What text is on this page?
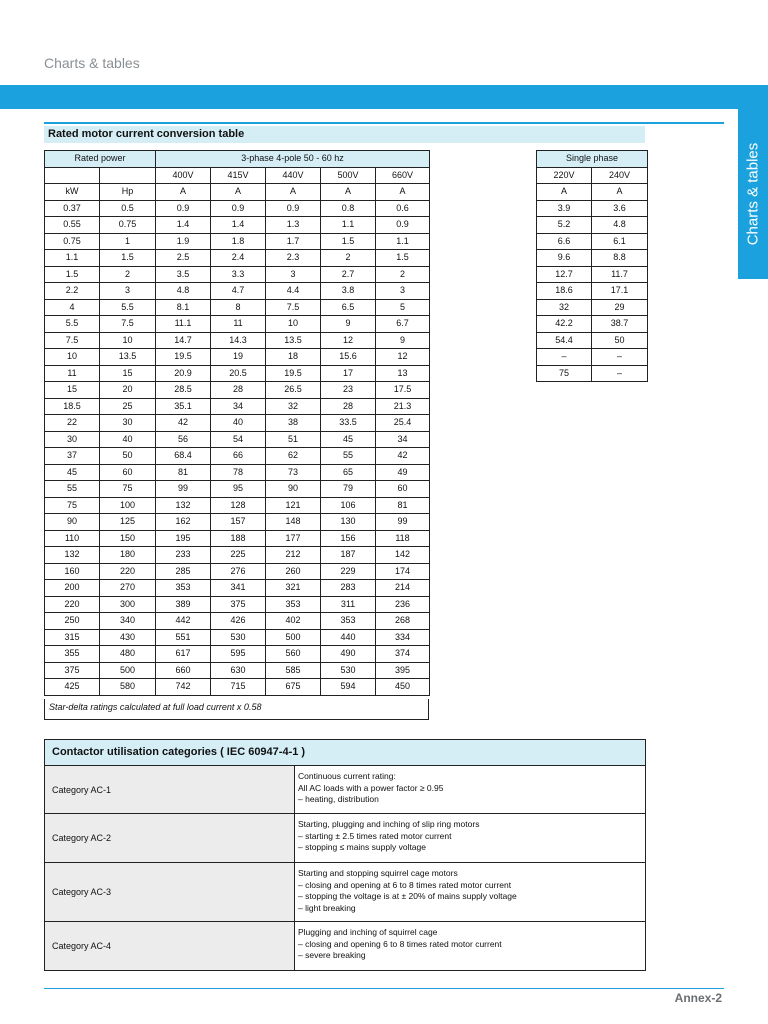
Charts & tables
Charts & tables
Rated motor current conversion table
Rated power		3-phase 4-pole 50 - 60 hz				
		400V	415V	440V	500V	660V
kW	Hp	A	A	A	A	A
0.37	0.5	0.9	0.9	0.9	0.8	0.6
0.55	0.75	1.4	1.4	1.3	1.1	0.9
0.75	1	1.9	1.8	1.7	1.5	1.1
1.1	1.5	2.5	2.4	2.3	2	1.5
1.5	2	3.5	3.3	3	2.7	2
2.2	3	4.8	4.7	4.4	3.8	3
4	5.5	8.1	8	7.5	6.5	5
5.5	7.5	11.1	11	10	9	6.7
7.5	10	14.7	14.3	13.5	12	9
10	13.5	19.5	19	18	15.6	12
11	15	20.9	20.5	19.5	17	13
15	20	28.5	28	26.5	23	17.5
18.5	25	35.1	34	32	28	21.3
22	30	42	40	38	33.5	25.4
30	40	56	54	51	45	34
37	50	68.4	66	62	55	42
45	60	81	78	73	65	49
55	75	99	95	90	79	60
75	100	132	128	121	106	81
90	125	162	157	148	130	99
110	150	195	188	177	156	118
132	180	233	225	212	187	142
160	220	285	276	260	229	174
200	270	353	341	321	283	214
220	300	389	375	353	311	236
250	340	442	426	402	353	268
315	430	551	530	500	440	334
355	480	617	595	560	490	374
375	500	660	630	585	530	395
425	580	742	715	675	594	450
Star-delta ratings calculated at full load current x 0.58
Single phase	
220V	240V
A	A
3.9	3.6
5.2	4.8
6.6	6.1
9.6	8.8
12.7	11.7
18.6	17.1
32	29
42.2	38.7
54.4	50
–	–
75	–
Contactor utilisation categories ( IEC 60947-4-1 )
Category AC-1
Continuous current rating:
All AC loads with a power factor ≥ 0.95
– heating, distribution
Category AC-2
Starting, plugging and inching of slip ring motors
– starting ± 2.5 times rated motor current
– stopping ≤ mains supply voltage
Category AC-3
Starting and stopping squirrel cage motors
– closing and opening at 6 to 8 times rated motor current
– stopping the voltage is at ± 20% of mains supply voltage
– light breaking
Category AC-4
Plugging and inching of squirrel cage
– closing and opening 6 to 8 times rated motor current
– severe breaking
Annex-2
